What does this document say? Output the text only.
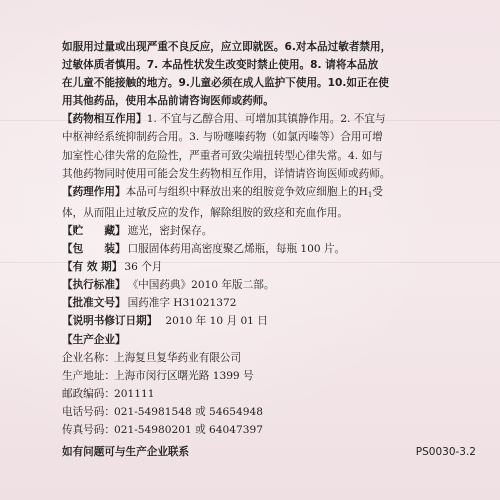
如服用过量或出现严重不良反应，应立即就医。6.对本品过敏者禁用，

过敏体质者慎用。7. 本品性状发生改变时禁止使用。8. 请将本品放

在儿童不能接触的地方。9.儿童必须在成人监护下使用。10.如正在使

用其他药品，使用本品前请咨询医师或药师。

【药物相互作用】1. 不宜与乙醇合用、可增加其镇静作用。2. 不宜与

中枢神经系统抑制药合用。3. 与吩噻嗪药物（如氯丙嗪等）合用可增

加室性心律失常的危险性，严重者可致尖端扭转型心律失常。4. 如与

其他药物同时使用可能会发生药物相互作用，详情请咨询医师或药师。

【药理作用】本品可与组织中释放出来的组胺竞争效应细胞上的$H_1$受

体，从而阻止过敏反应的发作，解除组胺的致痉和充血作用。

【贮　　藏】 遮光，密封保存。
【包　　装】 口服固体药用高密度聚乙烯瓶，每瓶 100 片。
【有 效 期】 36 个月
【执行标准】 《中国药典》2010 年版二部。
【批准文号】 国药准字 H31021372
【说明书修订日期】 2010 年 10 月 01 日
【生产企业】
企业名称： 上海复旦复华药业有限公司
生产地址： 上海市闵行区曙光路 1399 号
邮政编码： 201111
电话号码： 021-54981548 或 54654948
传真号码： 021-54980201 或 64047397

如有问题可与生产企业联系	PS0030-3.2
